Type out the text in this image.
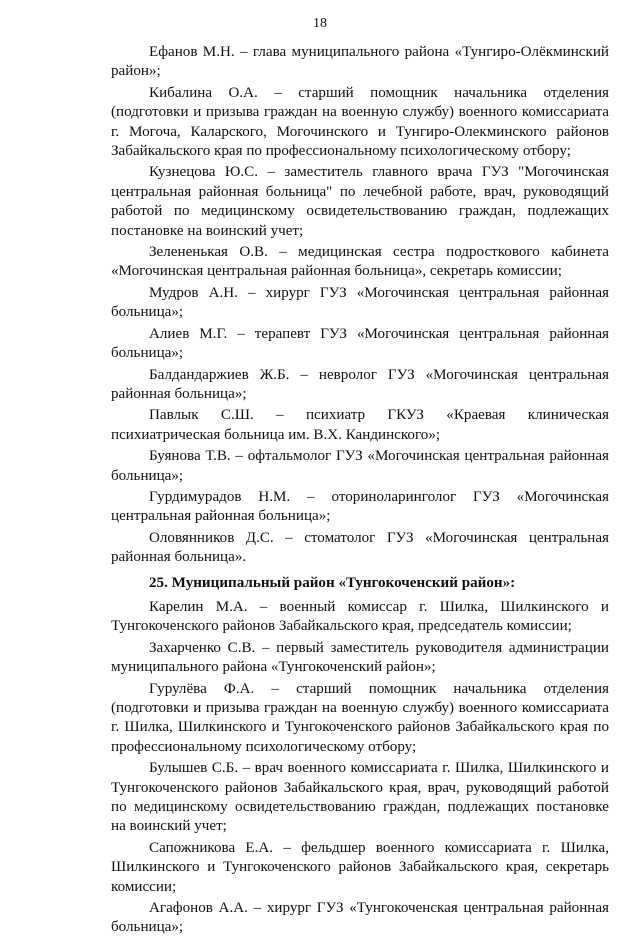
18

Ефанов М.Н. – глава муниципального района «Тунгиро-Олёкминский район»;

Кибалина О.А. – старший помощник начальника отделения (подготовки и призыва граждан на военную службу) военного комиссариата г. Могоча, Каларского, Могочинского и Тунгиро-Олекминского районов Забайкальского края по профессиональному психологическому отбору;

Кузнецова Ю.С. – заместитель главного врача ГУЗ "Могочинская центральная районная больница" по лечебной работе, врач, руководящий работой по медицинскому освидетельствованию граждан, подлежащих постановке на воинский учет;

Зелененькая О.В. – медицинская сестра подросткового кабинета «Могочинская центральная районная больница», секретарь комиссии;

Мудров А.Н. – хирург ГУЗ «Могочинская центральная районная больница»;

Алиев М.Г. – терапевт ГУЗ «Могочинская центральная районная больница»;

Балдандаржиев Ж.Б. – невролог ГУЗ «Могочинская центральная районная больница»;

Павлык С.Ш. – психиатр ГКУЗ «Краевая клиническая психиатрическая больница им. В.Х. Кандинского»;

Буянова Т.В. – офтальмолог ГУЗ «Могочинская центральная районная больница»;

Гурдимурадов Н.М. – оториноларинголог ГУЗ «Могочинская центральная районная больница»;

Оловянников Д.С. – стоматолог ГУЗ «Могочинская центральная районная больница».

25. Муниципальный район «Тунгокоченский район»:

Карелин М.А. – военный комиссар г. Шилка, Шилкинского и Тунгокоченского районов Забайкальского края, председатель комиссии;

Захарченко С.В. – первый заместитель руководителя администрации муниципального района «Тунгокоченский район»;

Гурулёва Ф.А. – старший помощник начальника отделения (подготовки и призыва граждан на военную службу) военного комиссариата г. Шилка, Шилкинского и Тунгокоченского районов Забайкальского края по профессиональному психологическому отбору;

Булышев С.Б. – врач военного комиссариата г. Шилка, Шилкинского и Тунгокоченского районов Забайкальского края, врач, руководящий работой по медицинскому освидетельствованию граждан, подлежащих постановке на воинский учет;

Сапожникова Е.А. – фельдшер военного комиссариата г. Шилка, Шилкинского и Тунгокоченского районов Забайкальского края, секретарь комиссии;

Агафонов А.А. – хирург ГУЗ «Тунгокоченская центральная районная больница»;
